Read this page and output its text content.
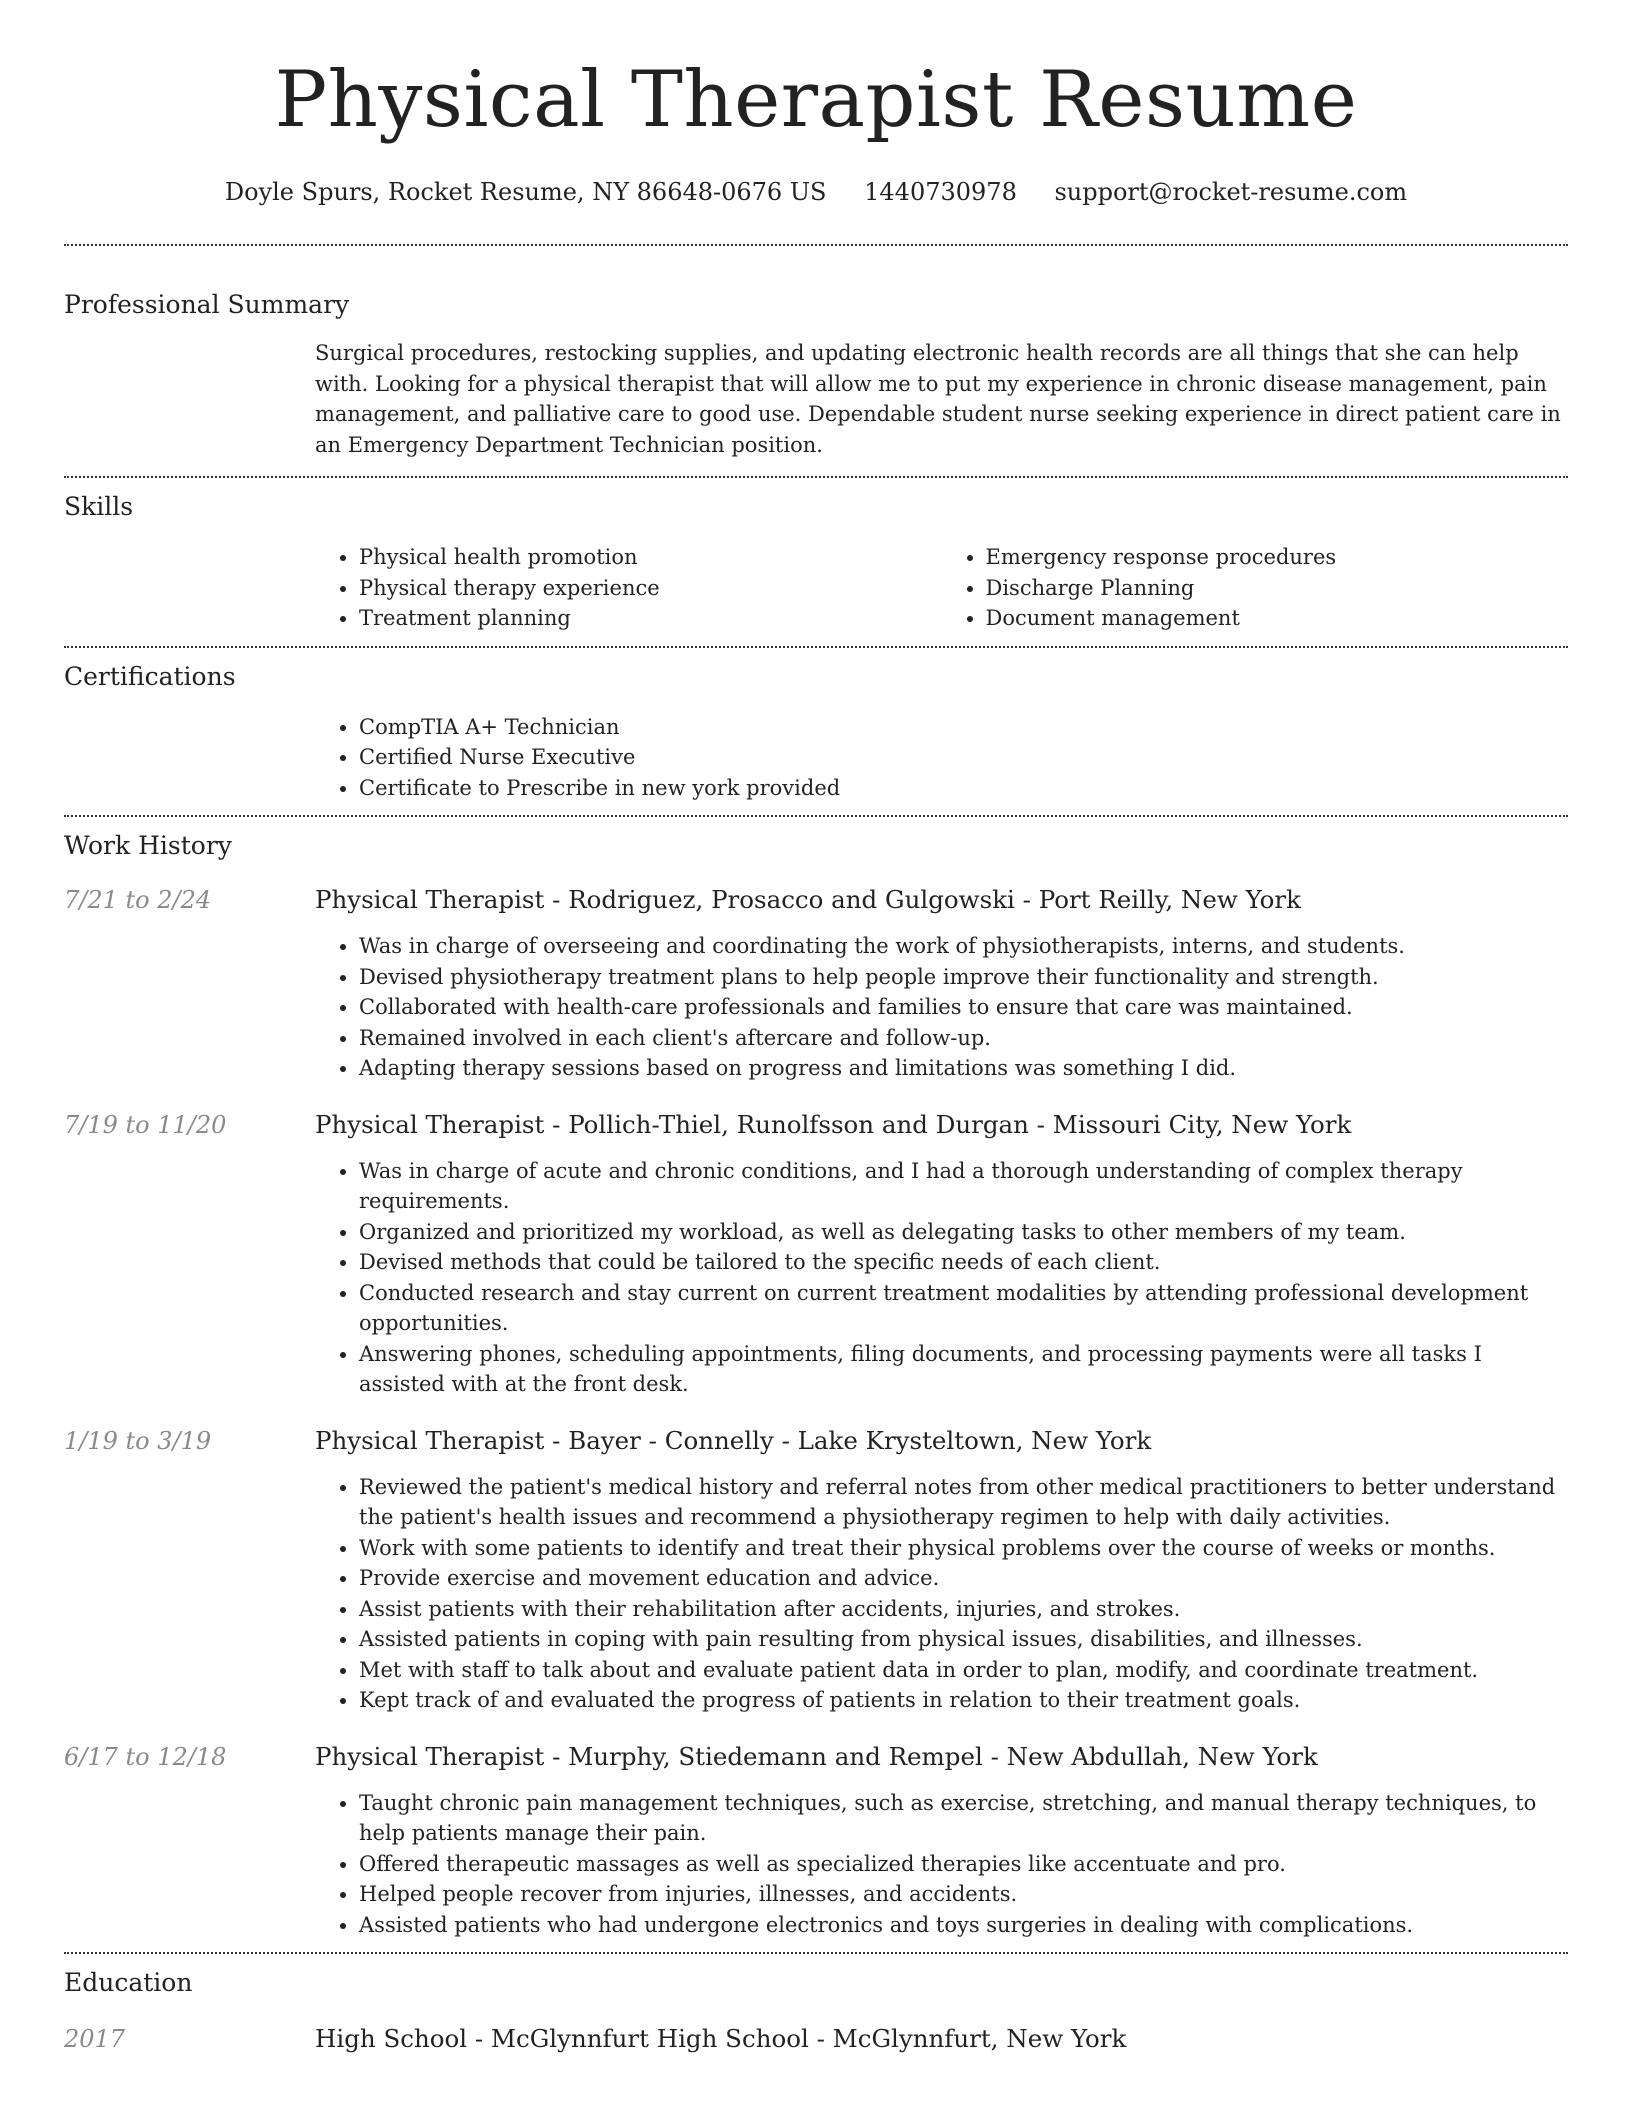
Physical Therapist Resume
Doyle Spurs, Rocket Resume, NY 86648-0676 US 1440730978 support@rocket-resume.com
Professional Summary
Surgical procedures, restocking supplies, and updating electronic health records are all things that she can help with. Looking for a physical therapist that will allow me to put my experience in chronic disease management, pain management, and palliative care to good use. Dependable student nurse seeking experience in direct patient care in an Emergency Department Technician position.
Skills
• Physical health promotion
• Physical therapy experience
• Treatment planning
• Emergency response procedures
• Discharge Planning
• Document management
Certifications
• CompTIA A+ Technician
• Certified Nurse Executive
• Certificate to Prescribe in new york provided
Work History
7/21 to 2/24	Physical Therapist - Rodriguez, Prosacco and Gulgowski - Port Reilly, New York
• Was in charge of overseeing and coordinating the work of physiotherapists, interns, and students.
• Devised physiotherapy treatment plans to help people improve their functionality and strength.
• Collaborated with health-care professionals and families to ensure that care was maintained.
• Remained involved in each client's aftercare and follow-up.
• Adapting therapy sessions based on progress and limitations was something I did.
7/19 to 11/20	Physical Therapist - Pollich-Thiel, Runolfsson and Durgan - Missouri City, New York
• Was in charge of acute and chronic conditions, and I had a thorough understanding of complex therapy requirements.
• Organized and prioritized my workload, as well as delegating tasks to other members of my team.
• Devised methods that could be tailored to the specific needs of each client.
• Conducted research and stay current on current treatment modalities by attending professional development opportunities.
• Answering phones, scheduling appointments, filing documents, and processing payments were all tasks I assisted with at the front desk.
1/19 to 3/19	Physical Therapist - Bayer - Connelly - Lake Krysteltown, New York
• Reviewed the patient's medical history and referral notes from other medical practitioners to better understand the patient's health issues and recommend a physiotherapy regimen to help with daily activities.
• Work with some patients to identify and treat their physical problems over the course of weeks or months.
• Provide exercise and movement education and advice.
• Assist patients with their rehabilitation after accidents, injuries, and strokes.
• Assisted patients in coping with pain resulting from physical issues, disabilities, and illnesses.
• Met with staff to talk about and evaluate patient data in order to plan, modify, and coordinate treatment.
• Kept track of and evaluated the progress of patients in relation to their treatment goals.
6/17 to 12/18	Physical Therapist - Murphy, Stiedemann and Rempel - New Abdullah, New York
• Taught chronic pain management techniques, such as exercise, stretching, and manual therapy techniques, to help patients manage their pain.
• Offered therapeutic massages as well as specialized therapies like accentuate and pro.
• Helped people recover from injuries, illnesses, and accidents.
• Assisted patients who had undergone electronics and toys surgeries in dealing with complications.
Education
2017	High School - McGlynnfurt High School - McGlynnfurt, New York
